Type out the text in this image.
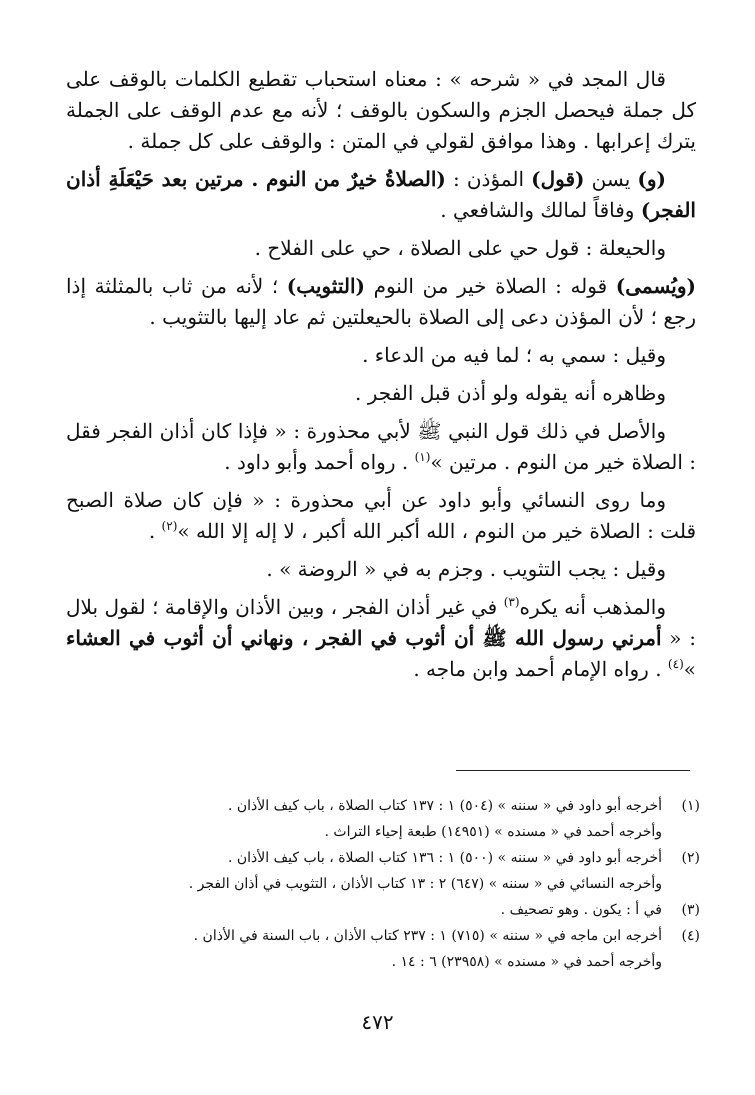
قال المجد في « شرحه » : معناه استحباب تقطيع الكلمات بالوقف على كل جملة فيحصل الجزم والسكون بالوقف ؛ لأنه مع عدم الوقف على الجملة يترك إعرابها . وهذا موافق لقولي في المتن : والوقف على كل جملة .

(و) يسن (قول) المؤذن : (الصلاةُ خيرٌ من النوم . مرتين بعد حَيْعَلَةِ أذان الفجر) وفاقاً لمالك والشافعي .

والحيعلة : قول حي على الصلاة ، حي على الفلاح .

(ويُسمى) قوله : الصلاة خير من النوم (التثويب) ؛ لأنه من ثاب بالمثلثة إذا رجع ؛ لأن المؤذن دعى إلى الصلاة بالحيعلتين ثم عاد إليها بالتثويب .

وقيل : سمي به ؛ لما فيه من الدعاء .

وظاهره أنه يقوله ولو أذن قبل الفجر .

والأصل في ذلك قول النبي ﷺ لأبي محذورة : « فإذا كان أذان الفجر فقل : الصلاة خير من النوم . مرتين »$^{(١)}$ . رواه أحمد وأبو داود .

وما روى النسائي وأبو داود عن أبي محذورة : « فإن كان صلاة الصبح قلت : الصلاة خير من النوم ، الله أكبر الله أكبر ، لا إله إلا الله »$^{(٢)}$ .

وقيل : يجب التثويب . وجزم به في « الروضة » .

والمذهب أنه يكره$^{(٣)}$ في غير أذان الفجر ، وبين الأذان والإقامة ؛ لقول بلال : « أمرني رسول الله ﷺ أن أثوب في الفجر ، ونهاني أن أثوب في العشاء »$^{(٤)}$ . رواه الإمام أحمد وابن ماجه .

(١)
أخرجه أبو داود في « سننه » (٥٠٤) ١ : ١٣٧ كتاب الصلاة ، باب كيف الأذان .
وأخرجه أحمد في « مسنده » (١٤٩٥١) طبعة إحياء التراث .
(٢)
أخرجه أبو داود في « سننه » (٥٠٠) ١ : ١٣٦ كتاب الصلاة ، باب كيف الأذان .
وأخرجه النسائي في « سننه » (٦٤٧) ٢ : ١٣ كتاب الأذان ، التثويب في أذان الفجر .
(٣)
في أ : يكون . وهو تصحيف .
(٤)
أخرجه ابن ماجه في « سننه » (٧١٥) ١ : ٢٣٧ كتاب الأذان ، باب السنة في الأذان .
وأخرجه أحمد في « مسنده » (٢٣٩٥٨) ٦ : ١٤ .
٤٧٢
